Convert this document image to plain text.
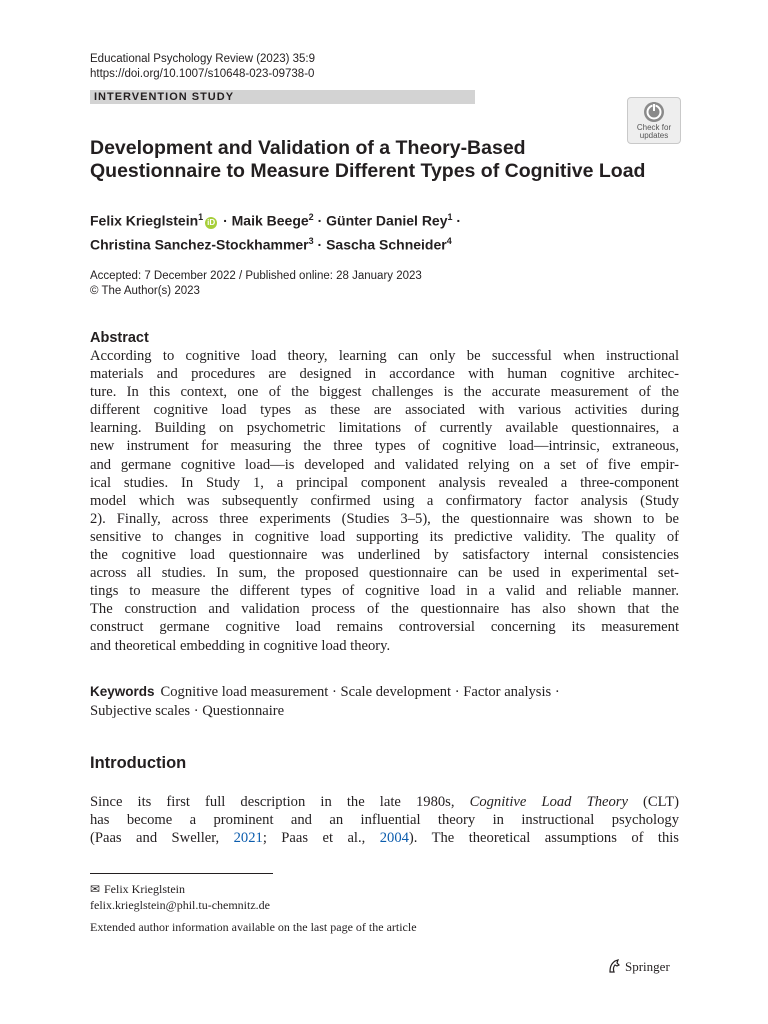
Educational Psychology Review (2023) 35:9
https://doi.org/10.1007/s10648-023-09738-0
INTERVENTION STUDY
Check for
updates
Development and Validation of a Theory-Based
Questionnaire to Measure Different Types of Cognitive Load
Felix Krieglstein$^1$iD · Maik Beege$^2$ · Günter Daniel Rey$^1$ ·
Christina Sanchez-Stockhammer$^3$ · Sascha Schneider$^4$
Accepted: 7 December 2022 / Published online: 28 January 2023
© The Author(s) 2023
Abstract
According to cognitive load theory, learning can only be successful when instructional
materials and procedures are designed in accordance with human cognitive architec-
ture. In this context, one of the biggest challenges is the accurate measurement of the
different cognitive load types as these are associated with various activities during
learning. Building on psychometric limitations of currently available questionnaires, a
new instrument for measuring the three types of cognitive load—intrinsic, extraneous,
and germane cognitive load—is developed and validated relying on a set of five empir-
ical studies. In Study 1, a principal component analysis revealed a three-component
model which was subsequently confirmed using a confirmatory factor analysis (Study
2). Finally, across three experiments (Studies 3–5), the questionnaire was shown to be
sensitive to changes in cognitive load supporting its predictive validity. The quality of
the cognitive load questionnaire was underlined by satisfactory internal consistencies
across all studies. In sum, the proposed questionnaire can be used in experimental set-
tings to measure the different types of cognitive load in a valid and reliable manner.
The construction and validation process of the questionnaire has also shown that the
construct germane cognitive load remains controversial concerning its measurement
and theoretical embedding in cognitive load theory.
Keywords Cognitive load measurement · Scale development · Factor analysis ·
Subjective scales · Questionnaire
Introduction
Since its first full description in the late 1980s, Cognitive Load Theory (CLT)
has become a prominent and an influential theory in instructional psychology
(Paas and Sweller, 2021; Paas et al., 2004). The theoretical assumptions of this
✉ Felix Krieglstein
felix.krieglstein@phil.tu-chemnitz.de
Extended author information available on the last page of the article
Springer
